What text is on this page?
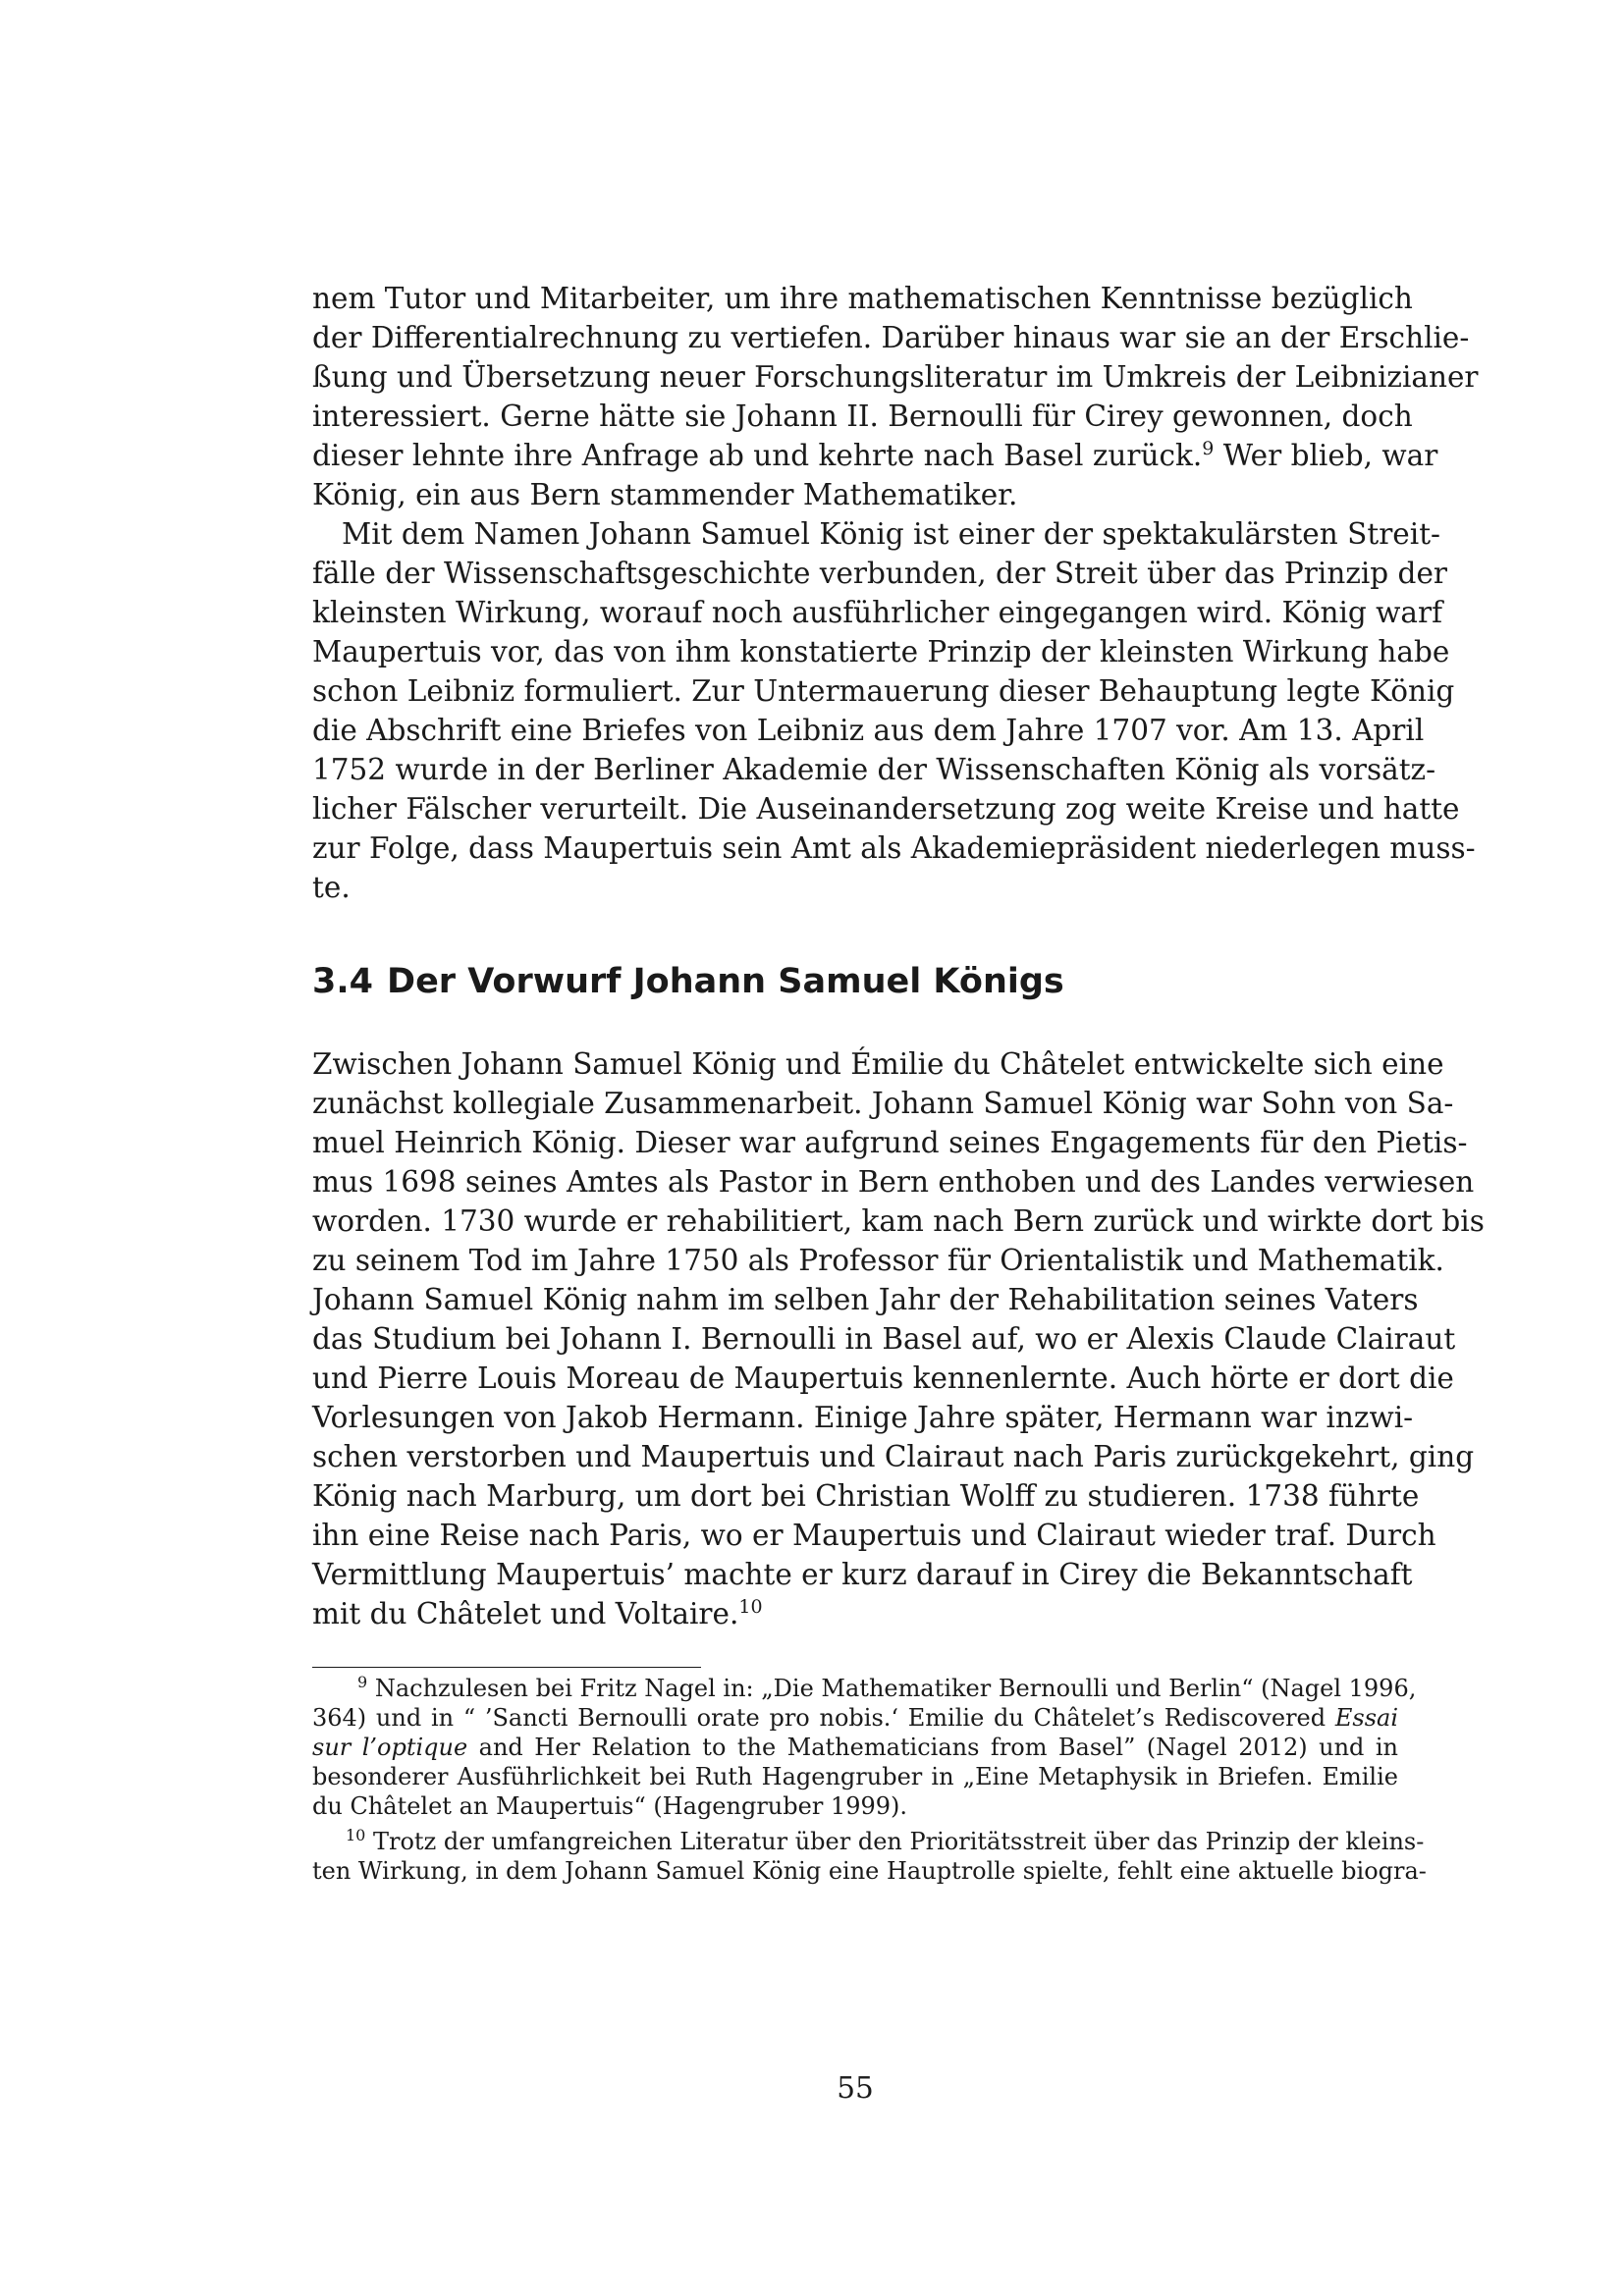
nem Tutor und Mitarbeiter, um ihre mathematischen Kenntnisse bezüglich
der Differentialrechnung zu vertiefen. Darüber hinaus war sie an der Erschlie-
ßung und Übersetzung neuer Forschungsliteratur im Umkreis der Leibnizianer
interessiert. Gerne hätte sie Johann II. Bernoulli für Cirey gewonnen, doch
dieser lehnte ihre Anfrage ab und kehrte nach Basel zurück.$^9$ Wer blieb, war
König, ein aus Bern stammender Mathematiker.

Mit dem Namen Johann Samuel König ist einer der spektakulärsten Streit-
fälle der Wissenschaftsgeschichte verbunden, der Streit über das Prinzip der
kleinsten Wirkung, worauf noch ausführlicher eingegangen wird. König warf
Maupertuis vor, das von ihm konstatierte Prinzip der kleinsten Wirkung habe
schon Leibniz formuliert. Zur Untermauerung dieser Behauptung legte König
die Abschrift eine Briefes von Leibniz aus dem Jahre 1707 vor. Am 13. April
1752 wurde in der Berliner Akademie der Wissenschaften König als vorsätz-
licher Fälscher verurteilt. Die Auseinandersetzung zog weite Kreise und hatte
zur Folge, dass Maupertuis sein Amt als Akademiepräsident niederlegen muss-
te.

3.4 Der Vorwurf Johann Samuel Königs

Zwischen Johann Samuel König und Émilie du Châtelet entwickelte sich eine
zunächst kollegiale Zusammenarbeit. Johann Samuel König war Sohn von Sa-
muel Heinrich König. Dieser war aufgrund seines Engagements für den Pietis-
mus 1698 seines Amtes als Pastor in Bern enthoben und des Landes verwiesen
worden. 1730 wurde er rehabilitiert, kam nach Bern zurück und wirkte dort bis
zu seinem Tod im Jahre 1750 als Professor für Orientalistik und Mathematik.
Johann Samuel König nahm im selben Jahr der Rehabilitation seines Vaters
das Studium bei Johann I. Bernoulli in Basel auf, wo er Alexis Claude Clairaut
und Pierre Louis Moreau de Maupertuis kennenlernte. Auch hörte er dort die
Vorlesungen von Jakob Hermann. Einige Jahre später, Hermann war inzwi-
schen verstorben und Maupertuis und Clairaut nach Paris zurückgekehrt, ging
König nach Marburg, um dort bei Christian Wolff zu studieren. 1738 führte
ihn eine Reise nach Paris, wo er Maupertuis und Clairaut wieder traf. Durch
Vermittlung Maupertuis’ machte er kurz darauf in Cirey die Bekanntschaft
mit du Châtelet und Voltaire.$^{10}$

$^9$ Nachzulesen bei Fritz Nagel in: „Die Mathematiker Bernoulli und Berlin“ (Nagel 1996,
364) und in “ ’Sancti Bernoulli orate pro nobis.‘ Emilie du Châtelet’s Rediscovered Essai
sur l’optique and Her Relation to the Mathematicians from Basel” (Nagel 2012) und in
besonderer Ausführlichkeit bei Ruth Hagengruber in „Eine Metaphysik in Briefen. Emilie
du Châtelet an Maupertuis“ (Hagengruber 1999).
$^{10}$ Trotz der umfangreichen Literatur über den Prioritätsstreit über das Prinzip der kleins-
ten Wirkung, in dem Johann Samuel König eine Hauptrolle spielte, fehlt eine aktuelle biogra-
55
